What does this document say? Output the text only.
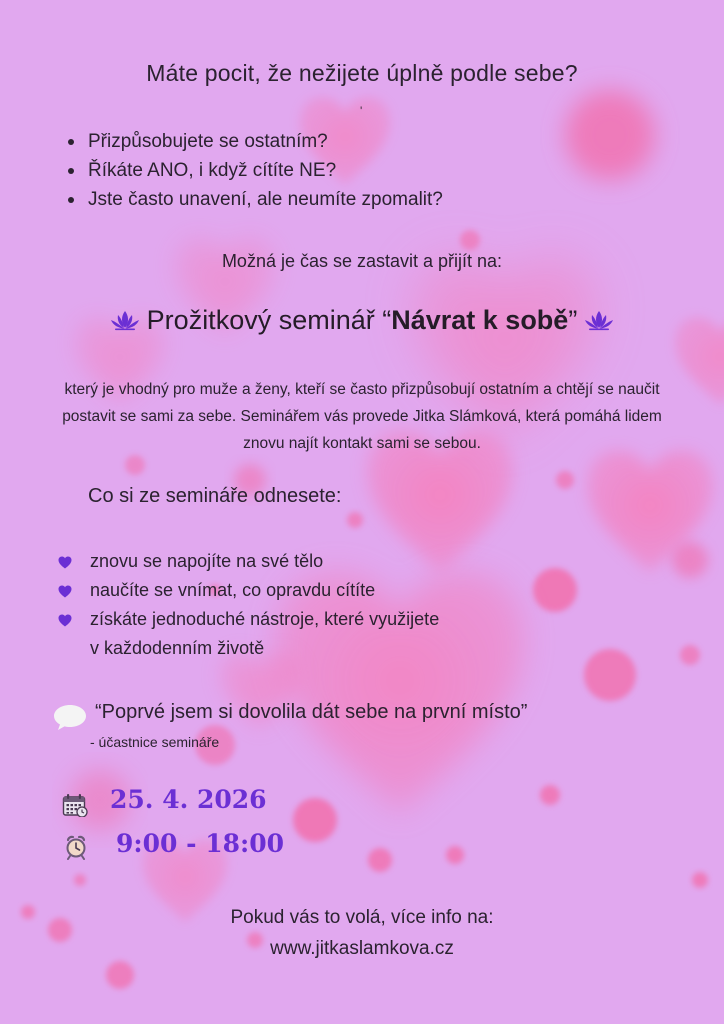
Máte pocit, že nežijete úplně podle sebe?
'
Přizpůsobujete se ostatním?
Říkáte ANO, i když cítíte NE?
Jste často unavení, ale neumíte zpomalit?
Možná je čas se zastavit a přijít na:
Prožitkový seminář “Návrat k sobě”
který je vhodný pro muže a ženy, kteří se často přizpůsobují ostatním a chtějí se naučit postavit se sami za sebe. Seminářem vás provede Jitka Slámková, která pomáhá lidem znovu najít kontakt sami se sebou.
Co si ze semináře odnesete:
znovu se napojíte na své tělo
naučíte se vnímat, co opravdu cítíte
získáte jednoduché nástroje, které využijete
v každodenním životě
“Poprvé jsem si dovolila dát sebe na první místo”
- účastnice semináře
25. 4. 2026
9:00 - 18:00
Pokud vás to volá, více info na:
www.jitkaslamkova.cz
